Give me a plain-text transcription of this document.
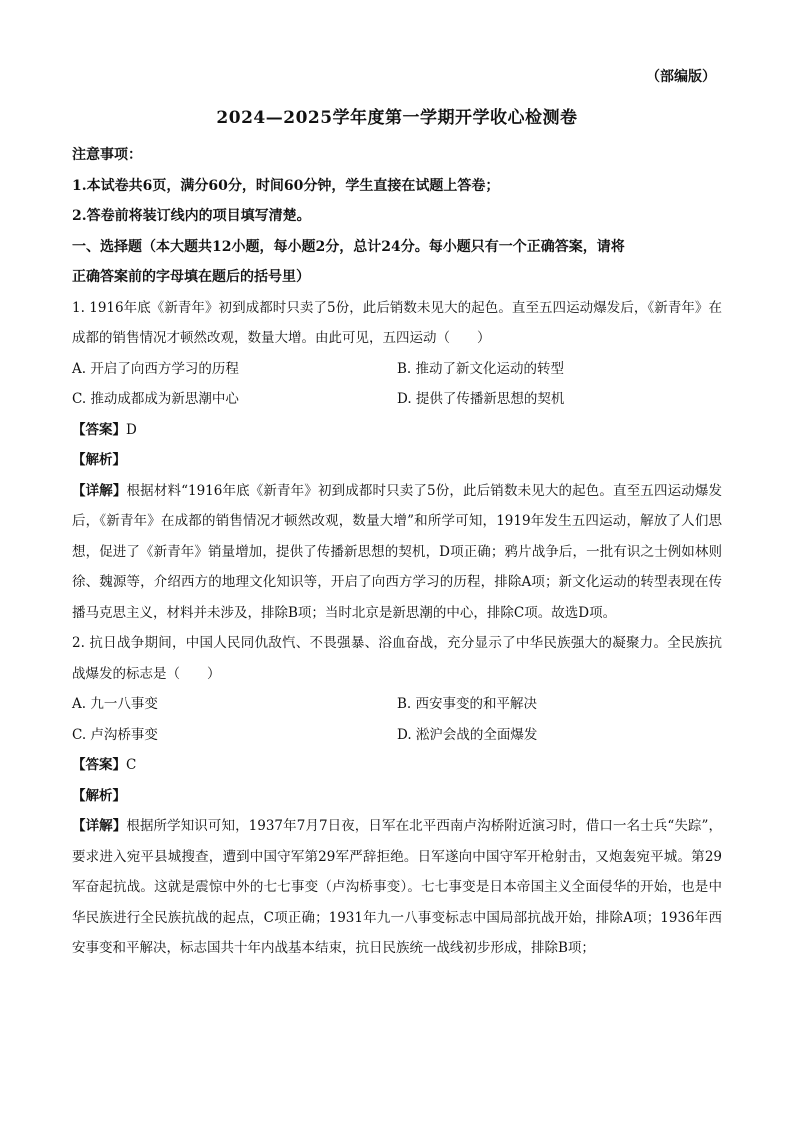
（部编版）
2024—2025学年度第一学期开学收心检测卷
注意事项：
1.本试卷共6页，满分60分，时间60分钟，学生直接在试题上答卷；
2.答卷前将装订线内的项目填写清楚。
一、选择题（本大题共12小题，每小题2分，总计24分。每小题只有一个正确答案，请将
正确答案前的字母填在题后的括号里）
1. 1916年底《新青年》初到成都时只卖了5份，此后销数未见大的起色。直至五四运动爆发后，《新青年》在成都的销售情况才顿然改观，数量大增。由此可见，五四运动（　　）
A. 开启了向西方学习的历程	B. 推动了新文化运动的转型
C. 推动成都成为新思潮中心	D. 提供了传播新思想的契机
【答案】D
【解析】
【详解】根据材料“1916年底《新青年》初到成都时只卖了5份，此后销数未见大的起色。直至五四运动爆发后，《新青年》在成都的销售情况才顿然改观，数量大增”和所学可知，1919年发生五四运动，解放了人们思想，促进了《新青年》销量增加，提供了传播新思想的契机，D项正确；鸦片战争后，一批有识之士例如林则徐、魏源等，介绍西方的地理文化知识等，开启了向西方学习的历程，排除A项；新文化运动的转型表现在传播马克思主义，材料并未涉及，排除B项；当时北京是新思潮的中心，排除C项。故选D项。
2. 抗日战争期间，中国人民同仇敌忾、不畏强暴、浴血奋战，充分显示了中华民族强大的凝聚力。全民族抗战爆发的标志是（　　）
A. 九一八事变	B. 西安事变的和平解决
C. 卢沟桥事变	D. 淞沪会战的全面爆发
【答案】C
【解析】
【详解】根据所学知识可知，1937年7月7日夜，日军在北平西南卢沟桥附近演习时，借口一名士兵“失踪”，要求进入宛平县城搜查，遭到中国守军第29军严辞拒绝。日军遂向中国守军开枪射击，又炮轰宛平城。第29军奋起抗战。这就是震惊中外的七七事变（卢沟桥事变）。七七事变是日本帝国主义全面侵华的开始，也是中华民族进行全民族抗战的起点，C项正确；1931年九一八事变标志中国局部抗战开始，排除A项；1936年西安事变和平解决，标志国共十年内战基本结束，抗日民族统一战线初步形成，排除B项；
